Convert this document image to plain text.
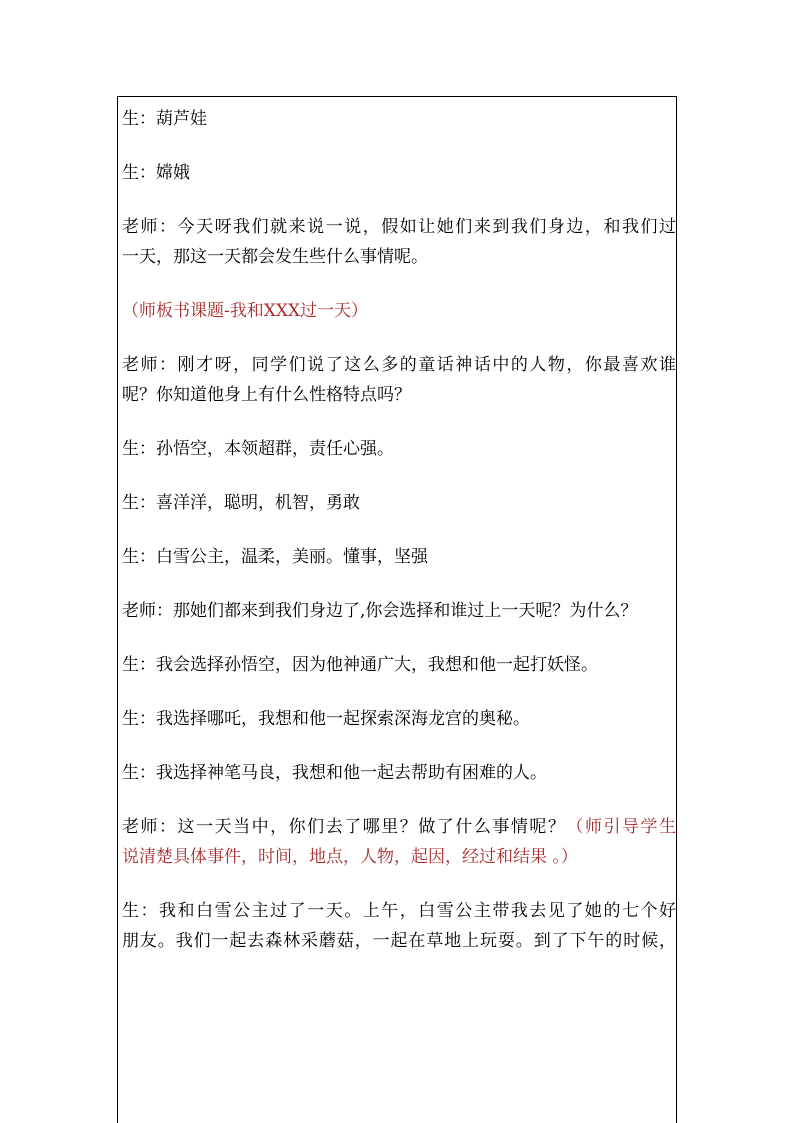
生：葫芦娃

生：嫦娥

老师：今天呀我们就来说一说，假如让她们来到我们身边，和我们过
一天，那这一天都会发生些什么事情呢。

（师板书课题-我和XXX过一天）

老师：刚才呀，同学们说了这么多的童话神话中的人物，你最喜欢谁
呢？你知道他身上有什么性格特点吗？

生：孙悟空，本领超群，责任心强。

生：喜洋洋，聪明，机智，勇敢

生：白雪公主，温柔，美丽。懂事，坚强

老师：那她们都来到我们身边了,你会选择和谁过上一天呢？为什么？

生：我会选择孙悟空，因为他神通广大，我想和他一起打妖怪。

生：我选择哪吒，我想和他一起探索深海龙宫的奥秘。

生：我选择神笔马良，我想和他一起去帮助有困难的人。

老师：这一天当中，你们去了哪里？做了什么事情呢？（师引导学生
说清楚具体事件，时间，地点，人物，起因，经过和结果 。）

生：我和白雪公主过了一天。上午，白雪公主带我去见了她的七个好
朋友。我们一起去森林采蘑菇，一起在草地上玩耍。到了下午的时候，
